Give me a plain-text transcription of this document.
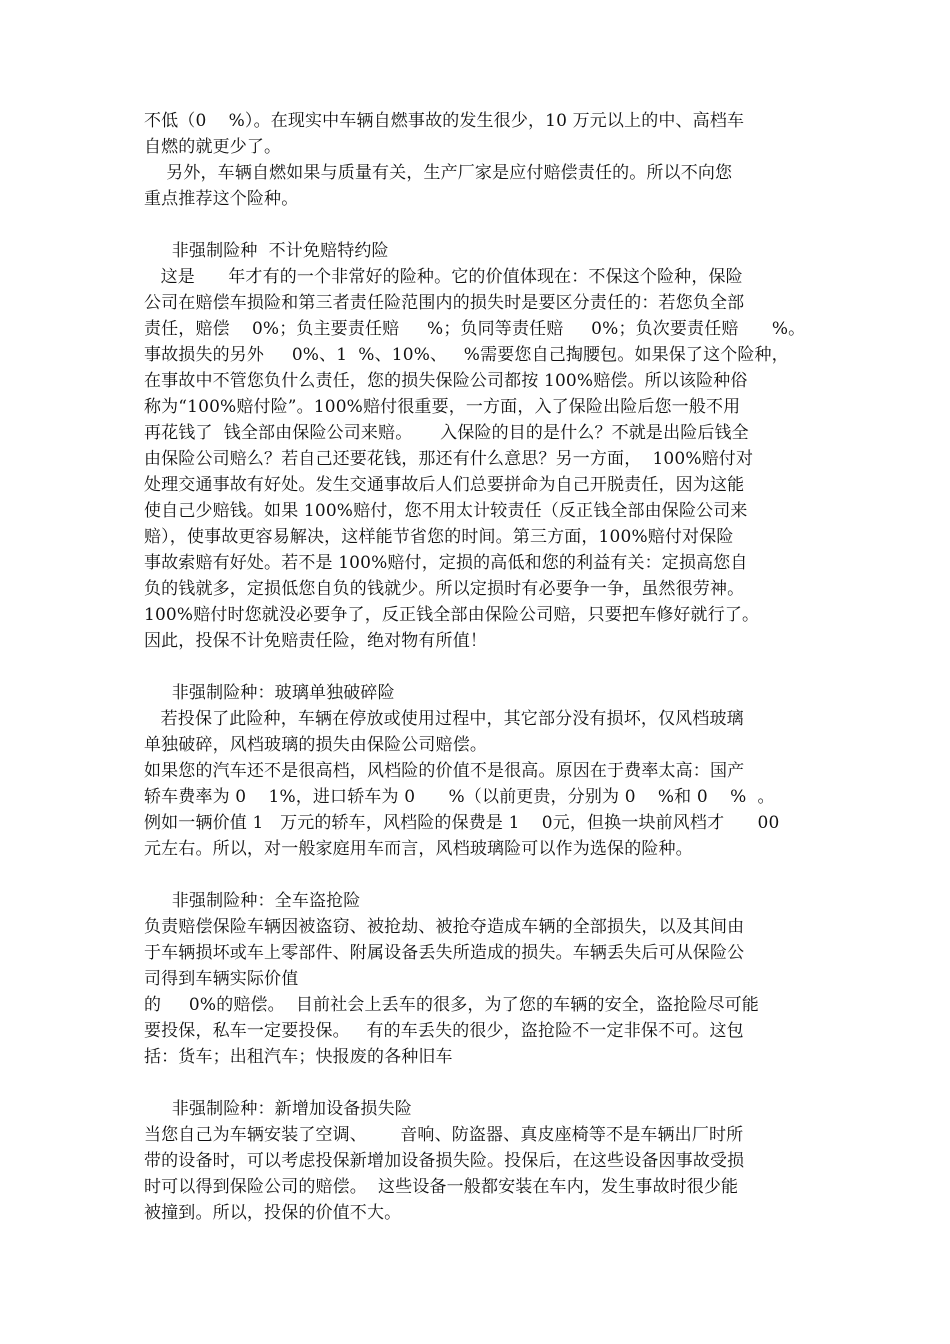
不低（0    %）。在现实中车辆自燃事故的发生很少，10 万元以上的中、高档车
自燃的就更少了。
另外，车辆自燃如果与质量有关，生产厂家是应付赔偿责任的。所以不向您
重点推荐这个险种。
非强制险种  不计免赔特约险
这是      年才有的一个非常好的险种。它的价值体现在：不保这个险种，保险
公司在赔偿车损险和第三者责任险范围内的损失时是要区分责任的：若您负全部
责任，赔偿    0%；负主要责任赔     %；负同等责任赔     0%；负次要责任赔      %。
事故损失的另外     0%、1  %、10%、   %需要您自己掏腰包。如果保了这个险种，
在事故中不管您负什么责任，您的损失保险公司都按 100%赔偿。所以该险种俗
称为“100%赔付险”。100%赔付很重要，一方面，入了保险出险后您一般不用
再花钱了  钱全部由保险公司来赔。     入保险的目的是什么？不就是出险后钱全
由保险公司赔么？若自己还要花钱，那还有什么意思？另一方面，  100%赔付对
处理交通事故有好处。发生交通事故后人们总要拼命为自己开脱责任，因为这能
使自己少赔钱。如果 100%赔付，您不用太计较责任（反正钱全部由保险公司来
赔），使事故更容易解决，这样能节省您的时间。第三方面，100%赔付对保险
事故索赔有好处。若不是 100%赔付，定损的高低和您的利益有关：定损高您自
负的钱就多，定损低您自负的钱就少。所以定损时有必要争一争，虽然很劳神。
100%赔付时您就没必要争了，反正钱全部由保险公司赔，只要把车修好就行了。
因此，投保不计免赔责任险，绝对物有所值！
非强制险种：玻璃单独破碎险
若投保了此险种，车辆在停放或使用过程中，其它部分没有损坏，仅风档玻璃
单独破碎，风档玻璃的损失由保险公司赔偿。
如果您的汽车还不是很高档，风档险的价值不是很高。原因在于费率太高：国产
轿车费率为 0    1%，进口轿车为 0      %（以前更贵，分别为 0    %和 0    %  。
例如一辆价值 1   万元的轿车，风档险的保费是 1    0元，但换一块前风档才      00
元左右。所以，对一般家庭用车而言，风档玻璃险可以作为选保的险种。
非强制险种：全车盗抢险
负责赔偿保险车辆因被盗窃、被抢劫、被抢夺造成车辆的全部损失，以及其间由
于车辆损坏或车上零部件、附属设备丢失所造成的损失。车辆丢失后可从保险公
司得到车辆实际价值
的     0%的赔偿。  目前社会上丢车的很多，为了您的车辆的安全，盗抢险尽可能
要投保，私车一定要投保。   有的车丢失的很少，盗抢险不一定非保不可。这包
括：货车；出租汽车；快报废的各种旧车
非强制险种：新增加设备损失险
当您自己为车辆安装了空调、      音响、防盗器、真皮座椅等不是车辆出厂时所
带的设备时，可以考虑投保新增加设备损失险。投保后，在这些设备因事故受损
时可以得到保险公司的赔偿。  这些设备一般都安装在车内，发生事故时很少能
被撞到。所以，投保的价值不大。
